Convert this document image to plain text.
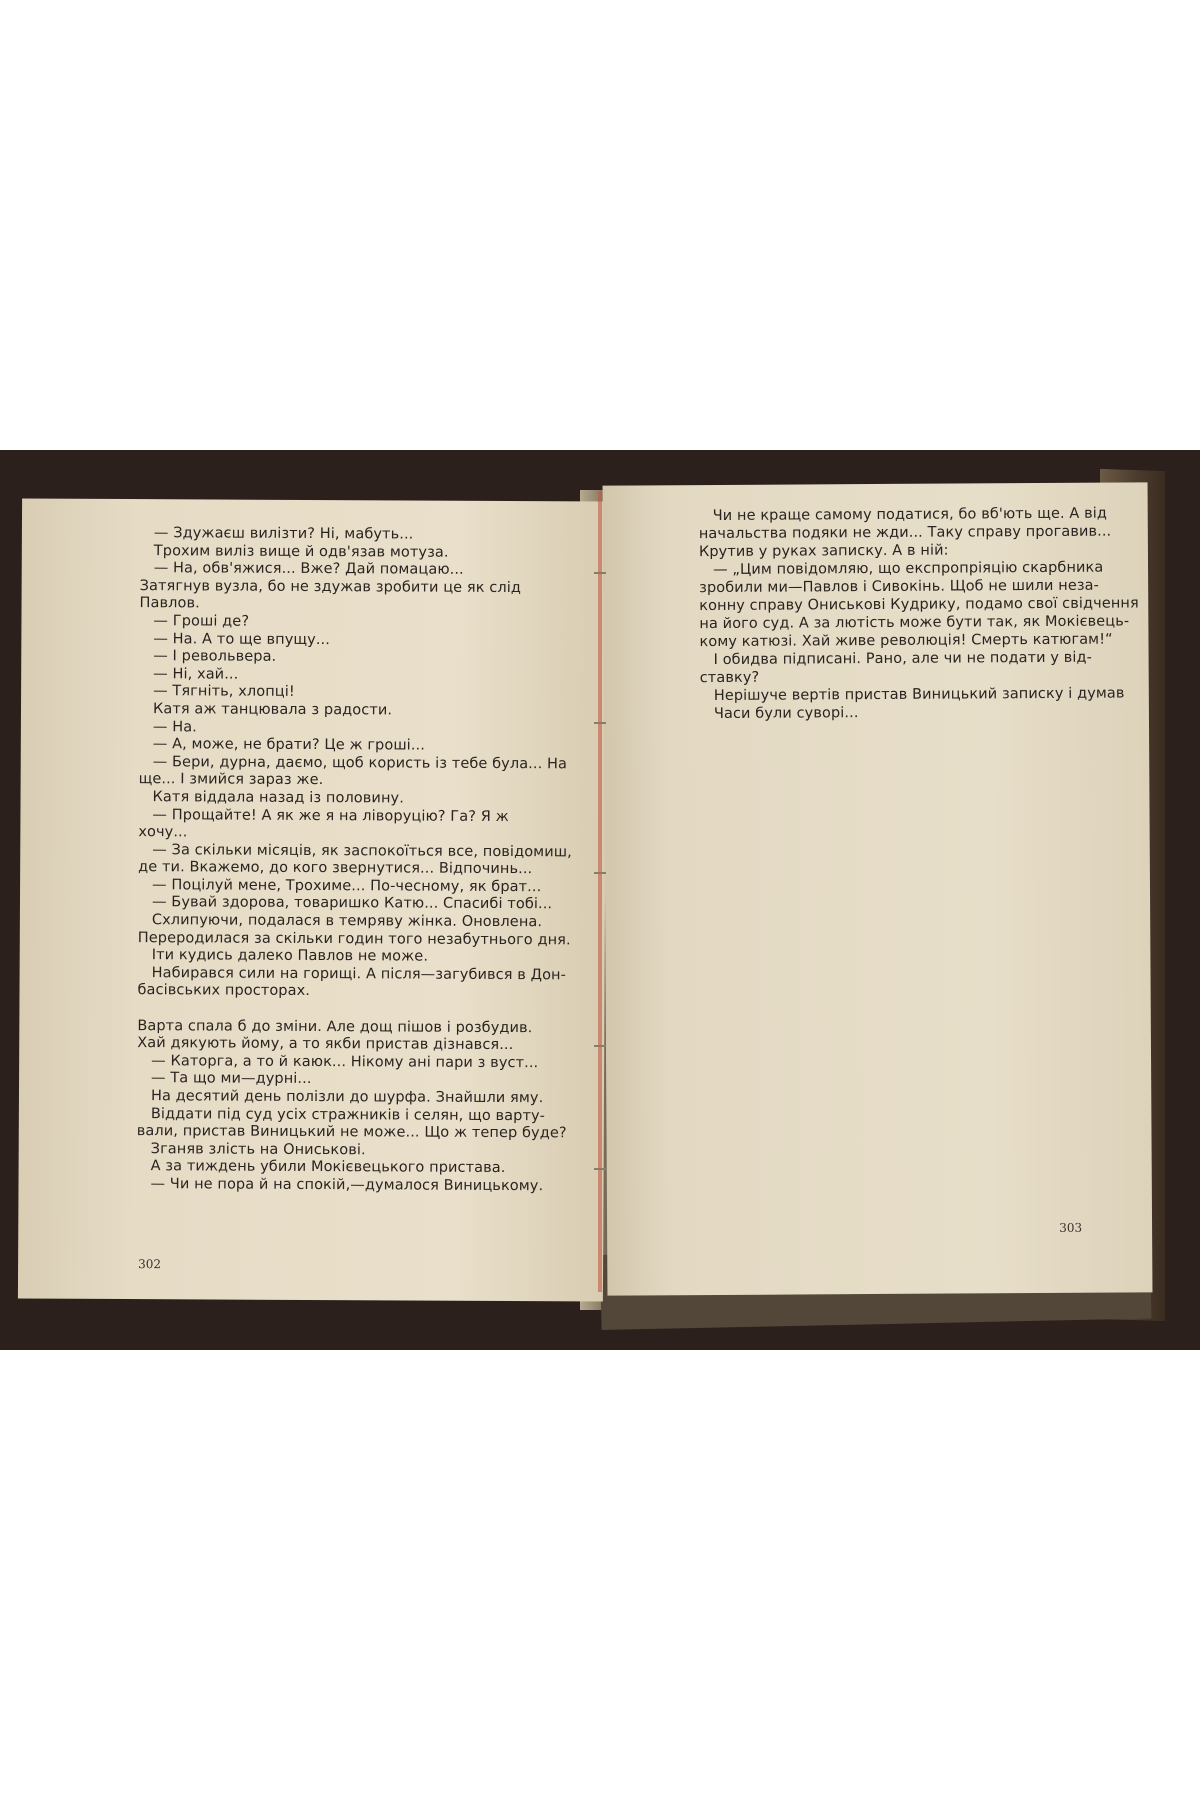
— Здужаєш вилізти? Ні, мабуть...
Трохим виліз вище й одв'язав мотуза.
— На, обв'яжися... Вже? Дай помацаю...
Затягнув вузла, бо не здужав зробити це як слід
Павлов.
— Гроші де?
— На. А то ще впущу...
— І револьвера.
— Ні, хай...
— Тягніть, хлопці!
Катя аж танцювала з радости.
— На.
— А, може, не брати? Це ж гроші...
— Бери, дурна, даємо, щоб користь із тебе була... На
ще... І змийся зараз же.
Катя віддала назад із половину.
— Прощайте! А як же я на ліворуцію? Га? Я ж
хочу...
— За скільки місяців, як заспокоїться все, повідомиш,
де ти. Вкажемо, до кого звернутися... Відпочинь...
— Поцілуй мене, Трохиме... По-чесному, як брат...
— Бувай здорова, товаришко Катю... Спасибі тобі...
Схлипуючи, подалася в темряву жінка. Оновлена.
Переродилася за скільки годин того незабутнього дня.
Іти кудись далеко Павлов не може.
Набирався сили на горищі. А після—загубився в Дон-
басівських просторах.
Варта спала б до зміни. Але дощ пішов і розбудив.
Хай дякують йому, а то якби пристав дізнався...
— Каторга, а то й каюк... Нікому ані пари з вуст...
— Та що ми—дурні...
На десятий день полізли до шурфа. Знайшли яму.
Віддати під суд усіх стражників і селян, що варту-
вали, пристав Виницький не може... Що ж тепер буде?
Зганяв злість на Ониськові.
А за тиждень убили Мокієвецького пристава.
— Чи не пора й на спокій,—думалося Виницькому.
302
Чи не краще самому податися, бо вб'ють ще. А від
начальства подяки не жди... Таку справу прогавив...
Крутив у руках записку. А в ній:
— „Цим повідомляю, що експропріяцію скарбника
зробили ми—Павлов і Сивокінь. Щоб не шили неза-
конну справу Ониськові Кудрику, подамо свої свідчення
на його суд. А за лютість може бути так, як Мокієвець-
кому катюзі. Хай живе революція! Смерть катюгам!“
І обидва підписані. Рано, але чи не подати у від-
ставку?
Нерішуче вертів пристав Виницький записку і думав
Часи були суворі...
303
